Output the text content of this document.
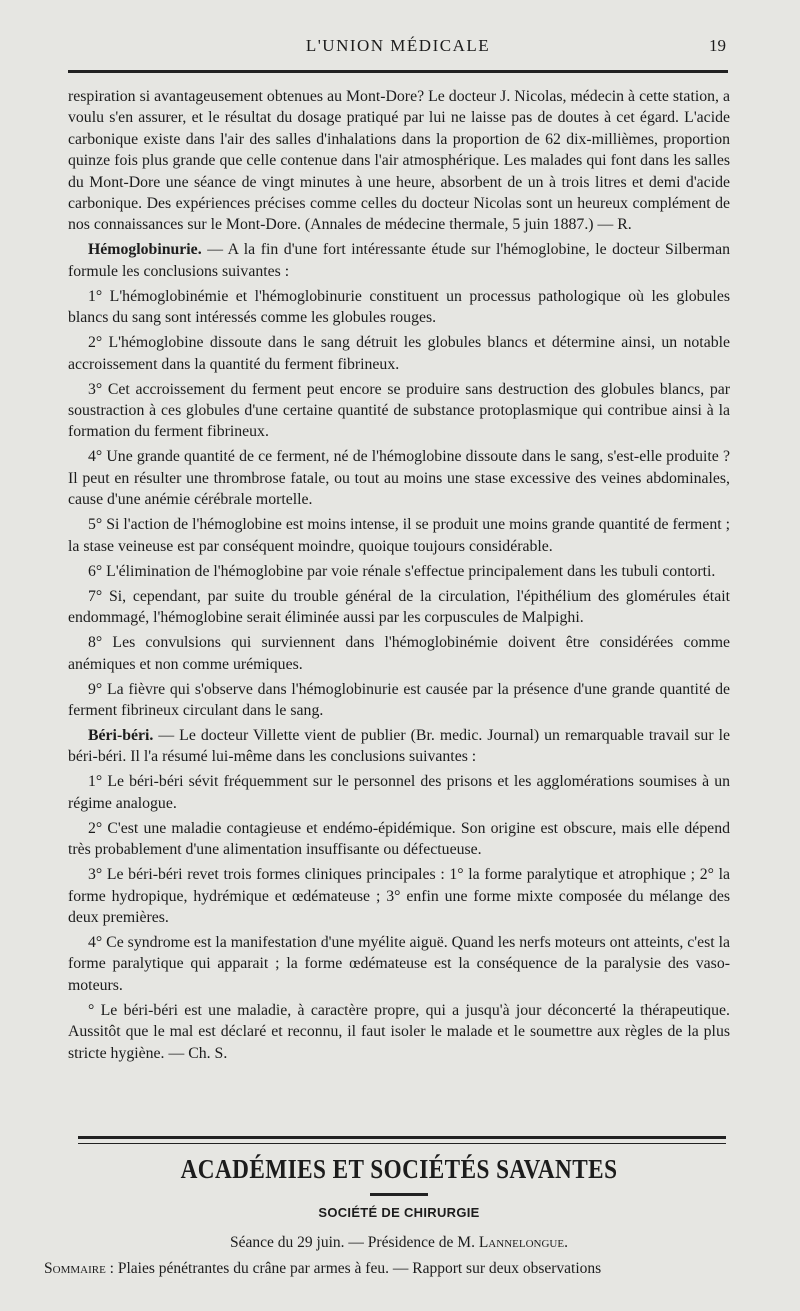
L'UNION MÉDICALE	19

respiration si avantageusement obtenues au Mont-Dore? Le docteur J. Nicolas, médecin à cette station, a voulu s'en assurer, et le résultat du dosage pratiqué par lui ne laisse pas de doutes à cet égard. L'acide carbonique existe dans l'air des salles d'inhalations dans la proportion de 62 dix-millièmes, proportion quinze fois plus grande que celle contenue dans l'air atmosphérique. Les malades qui font dans les salles du Mont-Dore une séance de vingt minutes à une heure, absorbent de un à trois litres et demi d'acide carbonique. Des expériences précises comme celles du docteur Nicolas sont un heureux complément de nos connaissances sur le Mont-Dore. (Annales de médecine thermale, 5 juin 1887.) — R.

Hémoglobinurie. — A la fin d'une fort intéressante étude sur l'hémoglobine, le docteur Silberman formule les conclusions suivantes :

1° L'hémoglobinémie et l'hémoglobinurie constituent un processus pathologique où les globules blancs du sang sont intéressés comme les globules rouges.

2° L'hémoglobine dissoute dans le sang détruit les globules blancs et détermine ainsi, un notable accroissement dans la quantité du ferment fibrineux.

3° Cet accroissement du ferment peut encore se produire sans destruction des globules blancs, par soustraction à ces globules d'une certaine quantité de substance protoplasmique qui contribue ainsi à la formation du ferment fibrineux.

4° Une grande quantité de ce ferment, né de l'hémoglobine dissoute dans le sang, s'est-elle produite ? Il peut en résulter une thrombrose fatale, ou tout au moins une stase excessive des veines abdominales, cause d'une anémie cérébrale mortelle.

5° Si l'action de l'hémoglobine est moins intense, il se produit une moins grande quantité de ferment ; la stase veineuse est par conséquent moindre, quoique toujours considérable.

6° L'élimination de l'hémoglobine par voie rénale s'effectue principalement dans les tubuli contorti.

7° Si, cependant, par suite du trouble général de la circulation, l'épithélium des glomérules était endommagé, l'hémoglobine serait éliminée aussi par les corpuscules de Malpighi.

8° Les convulsions qui surviennent dans l'hémoglobinémie doivent être considérées comme anémiques et non comme urémiques.

9° La fièvre qui s'observe dans l'hémoglobinurie est causée par la présence d'une grande quantité de ferment fibrineux circulant dans le sang.

Béri-béri. — Le docteur Villette vient de publier (Br. medic. Journal) un remarquable travail sur le béri-béri. Il l'a résumé lui-même dans les conclusions suivantes :

1° Le béri-béri sévit fréquemment sur le personnel des prisons et les agglomérations soumises à un régime analogue.

2° C'est une maladie contagieuse et endémo-épidémique. Son origine est obscure, mais elle dépend très probablement d'une alimentation insuffisante ou défectueuse.

3° Le béri-béri revet trois formes cliniques principales : 1° la forme paralytique et atrophique ; 2° la forme hydropique, hydrémique et œdémateuse ; 3° enfin une forme mixte composée du mélange des deux premières.

4° Ce syndrome est la manifestation d'une myélite aiguë. Quand les nerfs moteurs ont atteints, c'est la forme paralytique qui apparait ; la forme œdémateuse est la conséquence de la paralysie des vaso-moteurs.

° Le béri-béri est une maladie, à caractère propre, qui a jusqu'à jour déconcerté la thérapeutique. Aussitôt que le mal est déclaré et reconnu, il faut isoler le malade et le soumettre aux règles de la plus stricte hygiène. — Ch. S.

ACADÉMIES ET SOCIÉTÉS SAVANTES
SOCIÉTÉ DE CHIRURGIE
Séance du 29 juin. — Présidence de M. Lannelongue.
Sommaire : Plaies pénétrantes du crâne par armes à feu. — Rapport sur deux observations
